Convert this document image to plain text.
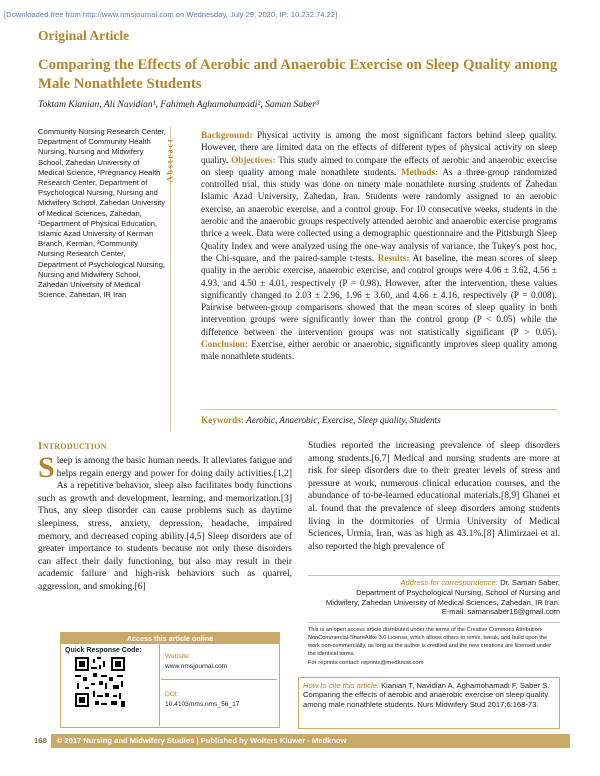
[Downloaded free from http://www.nmsjournal.com on Wednesday, July 29, 2020, IP: 10.232.74.22]
Original Article
Comparing the Effects of Aerobic and Anaerobic Exercise on Sleep Quality among Male Nonathlete Students
Toktam Kianian, Ali Navidian¹, Fahimeh Aghamohamadi², Saman Saber³
Community Nursing Research Center, Department of Community Health Nursing, Nursing and Midwifery School, Zahedan University of Medical Science, ¹Pregnancy Health Research Center, Department of Psychological Nursing, Nursing and Midwifery School, Zahedan University of Medical Sciences, Zahedan, ²Department of Physical Education, Islamic Azad University of Kerman Branch, Kerman, ³Community Nursing Research Center, Department of Psychological Nursing, Nursing and Midwifery School, Zahedan University of Medical Science, Zahedan, IR Iran
Abstract
Background: Physical activity is among the most significant factors behind sleep quality. However, there are limited data on the effects of different types of physical activity on sleep quality. Objectives: This study aimed to compare the effects of aerobic and anaerobic exercise on sleep quality among male nonathlete students. Methods: As a three-group randomized controlled trial, this study was done on ninety male nonathlete nursing students of Zahedan Islamic Azad University, Zahedan, Iran. Students were randomly assigned to an aerobic exercise, an anaerobic exercise, and a control group. For 10 consecutive weeks, students in the aerobic and the anaerobic groups respectively attended aerobic and anaerobic exercise programs thrice a week. Data were collected using a demographic questionnaire and the Pittsburgh Sleep Quality Index and were analyzed using the one-way analysis of variance, the Tukey's post hoc, the Chi-square, and the paired-sample t-tests. Results: At baseline, the mean scores of sleep quality in the aerobic exercise, anaerobic exercise, and control groups were 4.06 ± 3.62, 4.56 ± 4.93, and 4.50 ± 4.01, respectively (P = 0.98). However, after the intervention, these values significantly changed to 2.03 ± 2.96, 1.96 ± 3.60, and 4.66 ± 4.16, respectively (P = 0.008). Pairwise between-group comparisons showed that the mean scores of sleep quality in both intervention groups were significantly lower than the control group (P < 0.05) while the difference between the intervention groups was not statistically significant (P > 0.05). Conclusion: Exercise, either aerobic or anaerobic, significantly improves sleep quality among male nonathlete students.
Keywords: Aerobic, Anaerobic, Exercise, Sleep quality, Students
Introduction
Sleep is among the basic human needs. It alleviates fatigue and helps regain energy and power for doing daily activities.[1,2] As a repetitive behavior, sleep also facilitates body functions such as growth and development, learning, and memorization.[3] Thus, any sleep disorder can cause problems such as daytime sleepiness, stress, anxiety, depression, headache, impaired memory, and decreased coping ability.[4,5] Sleep disorders are of greater importance to students because not only these disorders can affect their daily functioning, but also may result in their academic failure and high-risk behaviors such as quarrel, aggression, and smoking.[6]
Studies reported the increasing prevalence of sleep disorders among students.[6,7] Medical and nursing students are more at risk for sleep disorders due to their greater levels of stress and pressure at work, numerous clinical education courses, and the abundance of to-be-learned educational materials.[8,9] Ghanei et al. found that the prevalence of sleep disorders among students living in the dormitories of Urmia University of Medical Sciences, Urmia, Iran, was as high as 43.1%.[8] Alimirzaei et al. also reported the high prevalence of
Address for correspondence: Dr. Saman Saber,
Department of Psychological Nursing, School of Nursing and
Midwifery, Zahedan University of Medical Sciences, Zahedan, IR Iran.
E-mail: samansaber16@gmail.com
This is an open access article distributed under the terms of the Creative Commons Attribution-NonCommercial-ShareAlike 3.0 License, which allows others to remix, tweak, and build upon the work non-commercially, as long as the author is credited and the new creations are licensed under the identical terms.
For reprints contact: reprints@medknow.com
How to cite this article: Kianian T, Navidian A, Aghamohamadi F, Saber S. Comparing the effects of aerobic and anaerobic exercise on sleep quality among male nonathlete students. Nurs Midwifery Stud 2017;6:168-73.
Access this article online
Quick Response Code:
Website:
www.nmsjournal.com
DOI:
10.4103/nms.nms_56_17
168 © 2017 Nursing and Midwifery Studies | Published by Wolters Kluwer - Medknow
